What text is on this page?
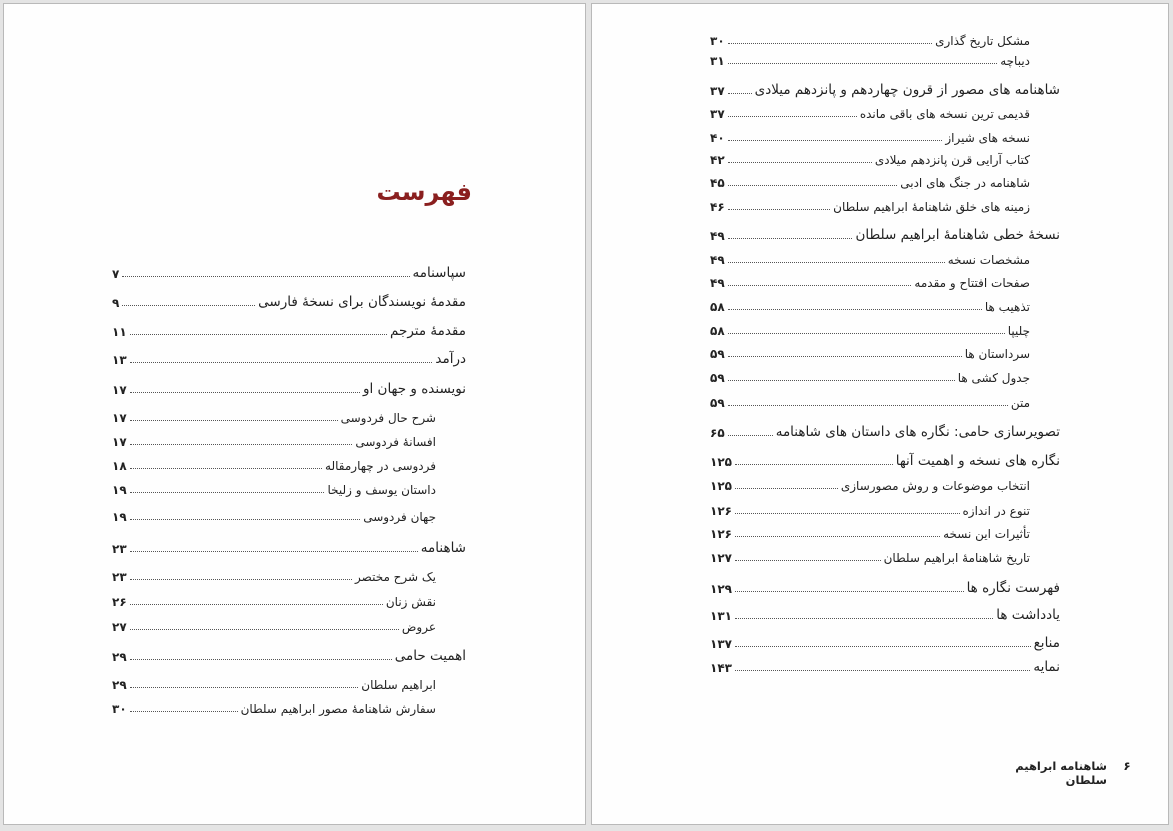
فهرست
۷	سپاسنامه
۹	مقدمهٔ نویسندگان برای نسخهٔ فارسی
۱۱	مقدمهٔ مترجم
۱۳	درآمد
۱۷	نویسنده و جهان او
۱۷	شرح حال فردوسی
۱۷	افسانهٔ فردوسی
۱۸	فردوسی در چهارمقاله
۱۹	داستان یوسف و زلیخا
۱۹	جهان فردوسی
۲۳	شاهنامه
۲۳	یک شرح مختصر
۲۶	نقش زنان
۲۷	عروض
۲۹	اهمیت حامی
۲۹	ابراهیم سلطان
۳۰	سفارش شاهنامهٔ مصور ابراهیم سلطان
۳۰	مشکل تاریخ گذاری
۳۱	دیباچه
۳۷ شاهنامه های مصور از قرون چهاردهم و پانزدهم میلادی
۳۷	قدیمی ترین نسخه های باقی مانده
۴۰	نسخه های شیراز
۴۲	کتاب آرایی قرن پانزدهم میلادی
۴۵	شاهنامه در جنگ های ادبی
۴۶	زمینه های خلق شاهنامهٔ ابراهیم سلطان
۴۹	نسخهٔ خطی شاهنامهٔ ابراهیم سلطان
۴۹	مشخصات نسخه
۴۹	صفحات افتتاح و مقدمه
۵۸	تذهیب ها
۵۸	چلیپا
۵۹	سرداستان ها
۵۹	جدول کشی ها
۵۹	متن
۶۵	تصویرسازی حامی: نگاره های داستان های شاهنامه
۱۲۵	نگاره های نسخه و اهمیت آنها
۱۲۵	انتخاب موضوعات و روش مصورسازی
۱۲۶	تنوع در اندازه
۱۲۶	تأثیرات این نسخه
۱۲۷	تاریخ شاهنامهٔ ابراهیم سلطان
۱۲۹	فهرست نگاره ها
۱۳۱	یادداشت ها
۱۳۷	منابع
۱۴۳	نمایه
شاهنامه ابراهیم سلطان
۶
